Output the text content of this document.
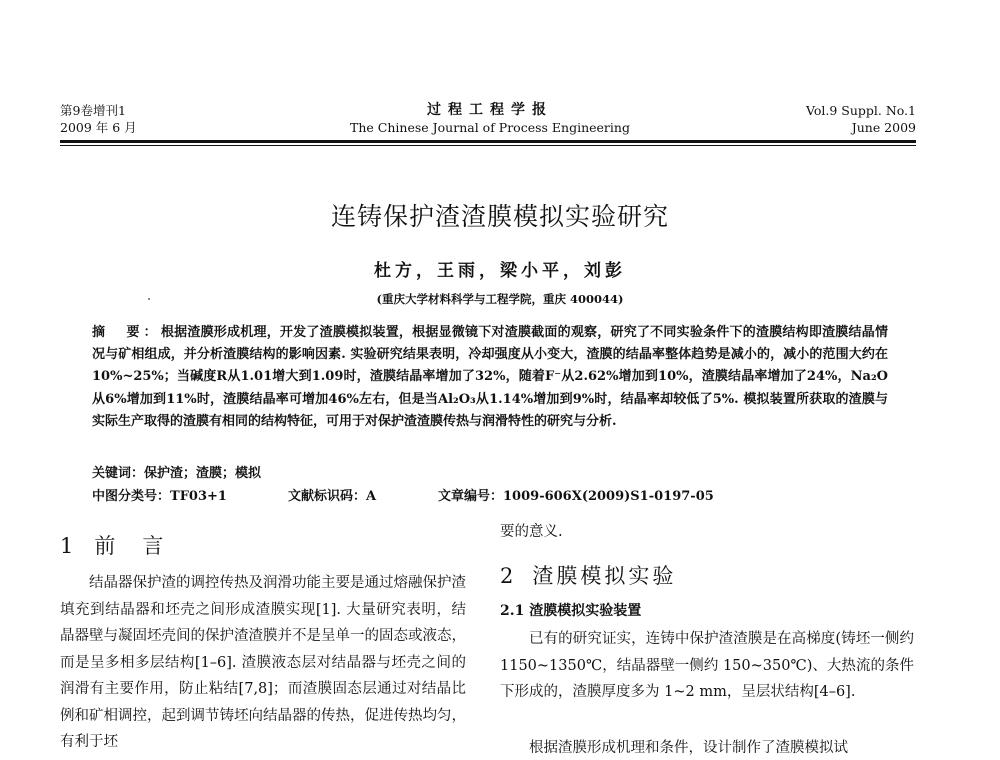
第9卷增刊1
2009 年 6 月
过程工程学报
The Chinese Journal of Process Engineering
Vol.9 Suppl. No.1
June 2009
连铸保护渣渣膜模拟实验研究
杜方，王雨，梁小平，刘彭
(重庆大学材料科学与工程学院，重庆 400044)
摘　要：根据渣膜形成机理，开发了渣膜模拟装置，根据显微镜下对渣膜截面的观察，研究了不同实验条件下的渣膜结构即渣膜结晶情况与矿相组成，并分析渣膜结构的影响因素. 实验研究结果表明，冷却强度从小变大，渣膜的结晶率整体趋势是减小的，减小的范围大约在10%~25%；当碱度R从1.01增大到1.09时，渣膜结晶率增加了32%，随着F⁻从2.62%增加到10%，渣膜结晶率增加了24%，Na₂O从6%增加到11%时，渣膜结晶率可增加46%左右，但是当Al₂O₃从1.14%增加到9%时，结晶率却较低了5%. 模拟装置所获取的渣膜与实际生产取得的渣膜有相同的结构特征，可用于对保护渣渣膜传热与润滑特性的研究与分析.
关键词：保护渣；渣膜；模拟
中图分类号：TF03+1	文献标识码：A	文章编号：1009-606X(2009)S1-0197-05
1 前　言
结晶器保护渣的调控传热及润滑功能主要是通过熔融保护渣填充到结晶器和坯壳之间形成渣膜实现[1]. 大量研究表明，结晶器壁与凝固坯壳间的保护渣渣膜并不是呈单一的固态或液态，而是呈多相多层结构[1–6]. 渣膜液态层对结晶器与坯壳之间的润滑有主要作用，防止粘结[7,8]；而渣膜固态层通过对结晶比例和矿相调控，起到调节铸坯向结晶器的传热，促进传热均匀，有利于坯
要的意义.
2 渣膜模拟实验
2.1 渣膜模拟实验装置
已有的研究证实，连铸中保护渣渣膜是在高梯度(铸坯一侧约 1150~1350℃，结晶器壁一侧约 150~350℃)、大热流的条件下形成的，渣膜厚度多为 1~2 mm，呈层状结构[4–6].
根据渣膜形成机理和条件，设计制作了渣膜模拟试
